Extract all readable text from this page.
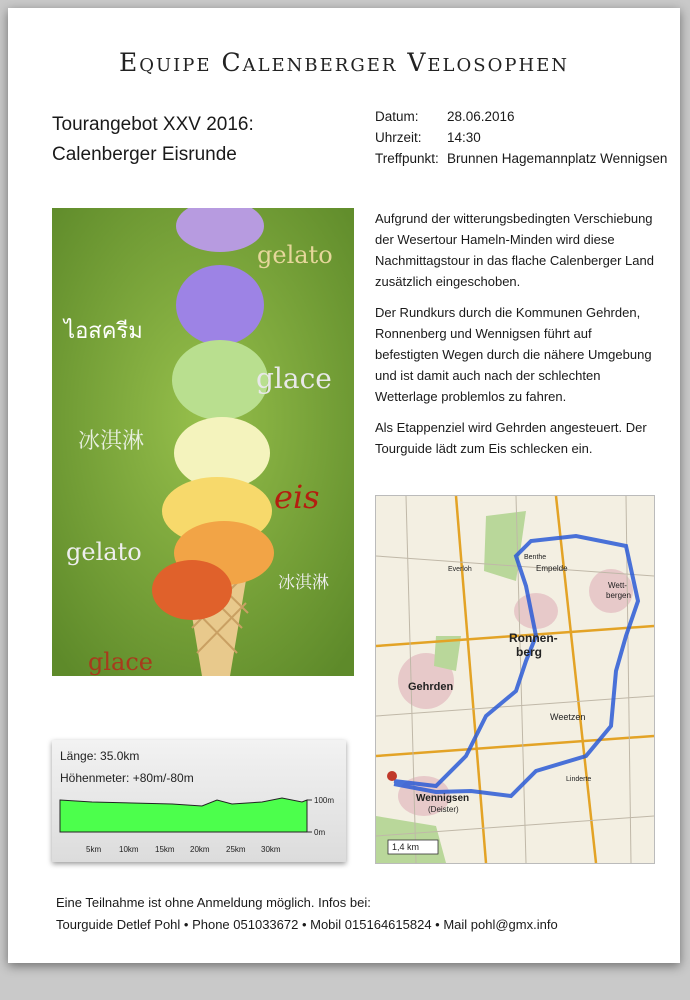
Equipe Calenberger Velosophen
Tourangebot XXV 2016:
Calenberger Eisrunde
Datum:	28.06.2016
Uhrzeit:	14:30
Treffpunkt: Brunnen Hagemannplatz Wennigsen
gelato
ไอสครีม
glace
冰淇淋
eis
gelato
冰淇淋
glace

Aufgrund der witterungsbedingten Verschiebung der Wesertour Hameln-Minden wird diese Nachmittagstour in das flache Calenberger Land zusätzlich eingeschoben.

Der Rundkurs durch die Kommunen Gehrden, Ronnenberg und Wennigsen führt auf befestigten Wegen durch die nähere Umgebung und ist damit auch nach der schlechten Wetterlage problemlos zu fahren.

Als Etappenziel wird Gehrden angesteuert. Der Tourguide lädt zum Eis schlecken ein.

Ronnen-
berg
Gehrden
Wennigsen
(Deister)
Empelde
Benthe
Everloh
Weetzen
Linderte
Wett-
bergen
1,4 km
Länge: 35.0km
Höhenmeter: +80m/-80m
100m
0m
5km 10km 15km 20km 25km 30km
Eine Teilnahme ist ohne Anmeldung möglich. Infos bei:
Tourguide Detlef Pohl • Phone 051033672 • Mobil 015164615824 • Mail pohl@gmx.info
